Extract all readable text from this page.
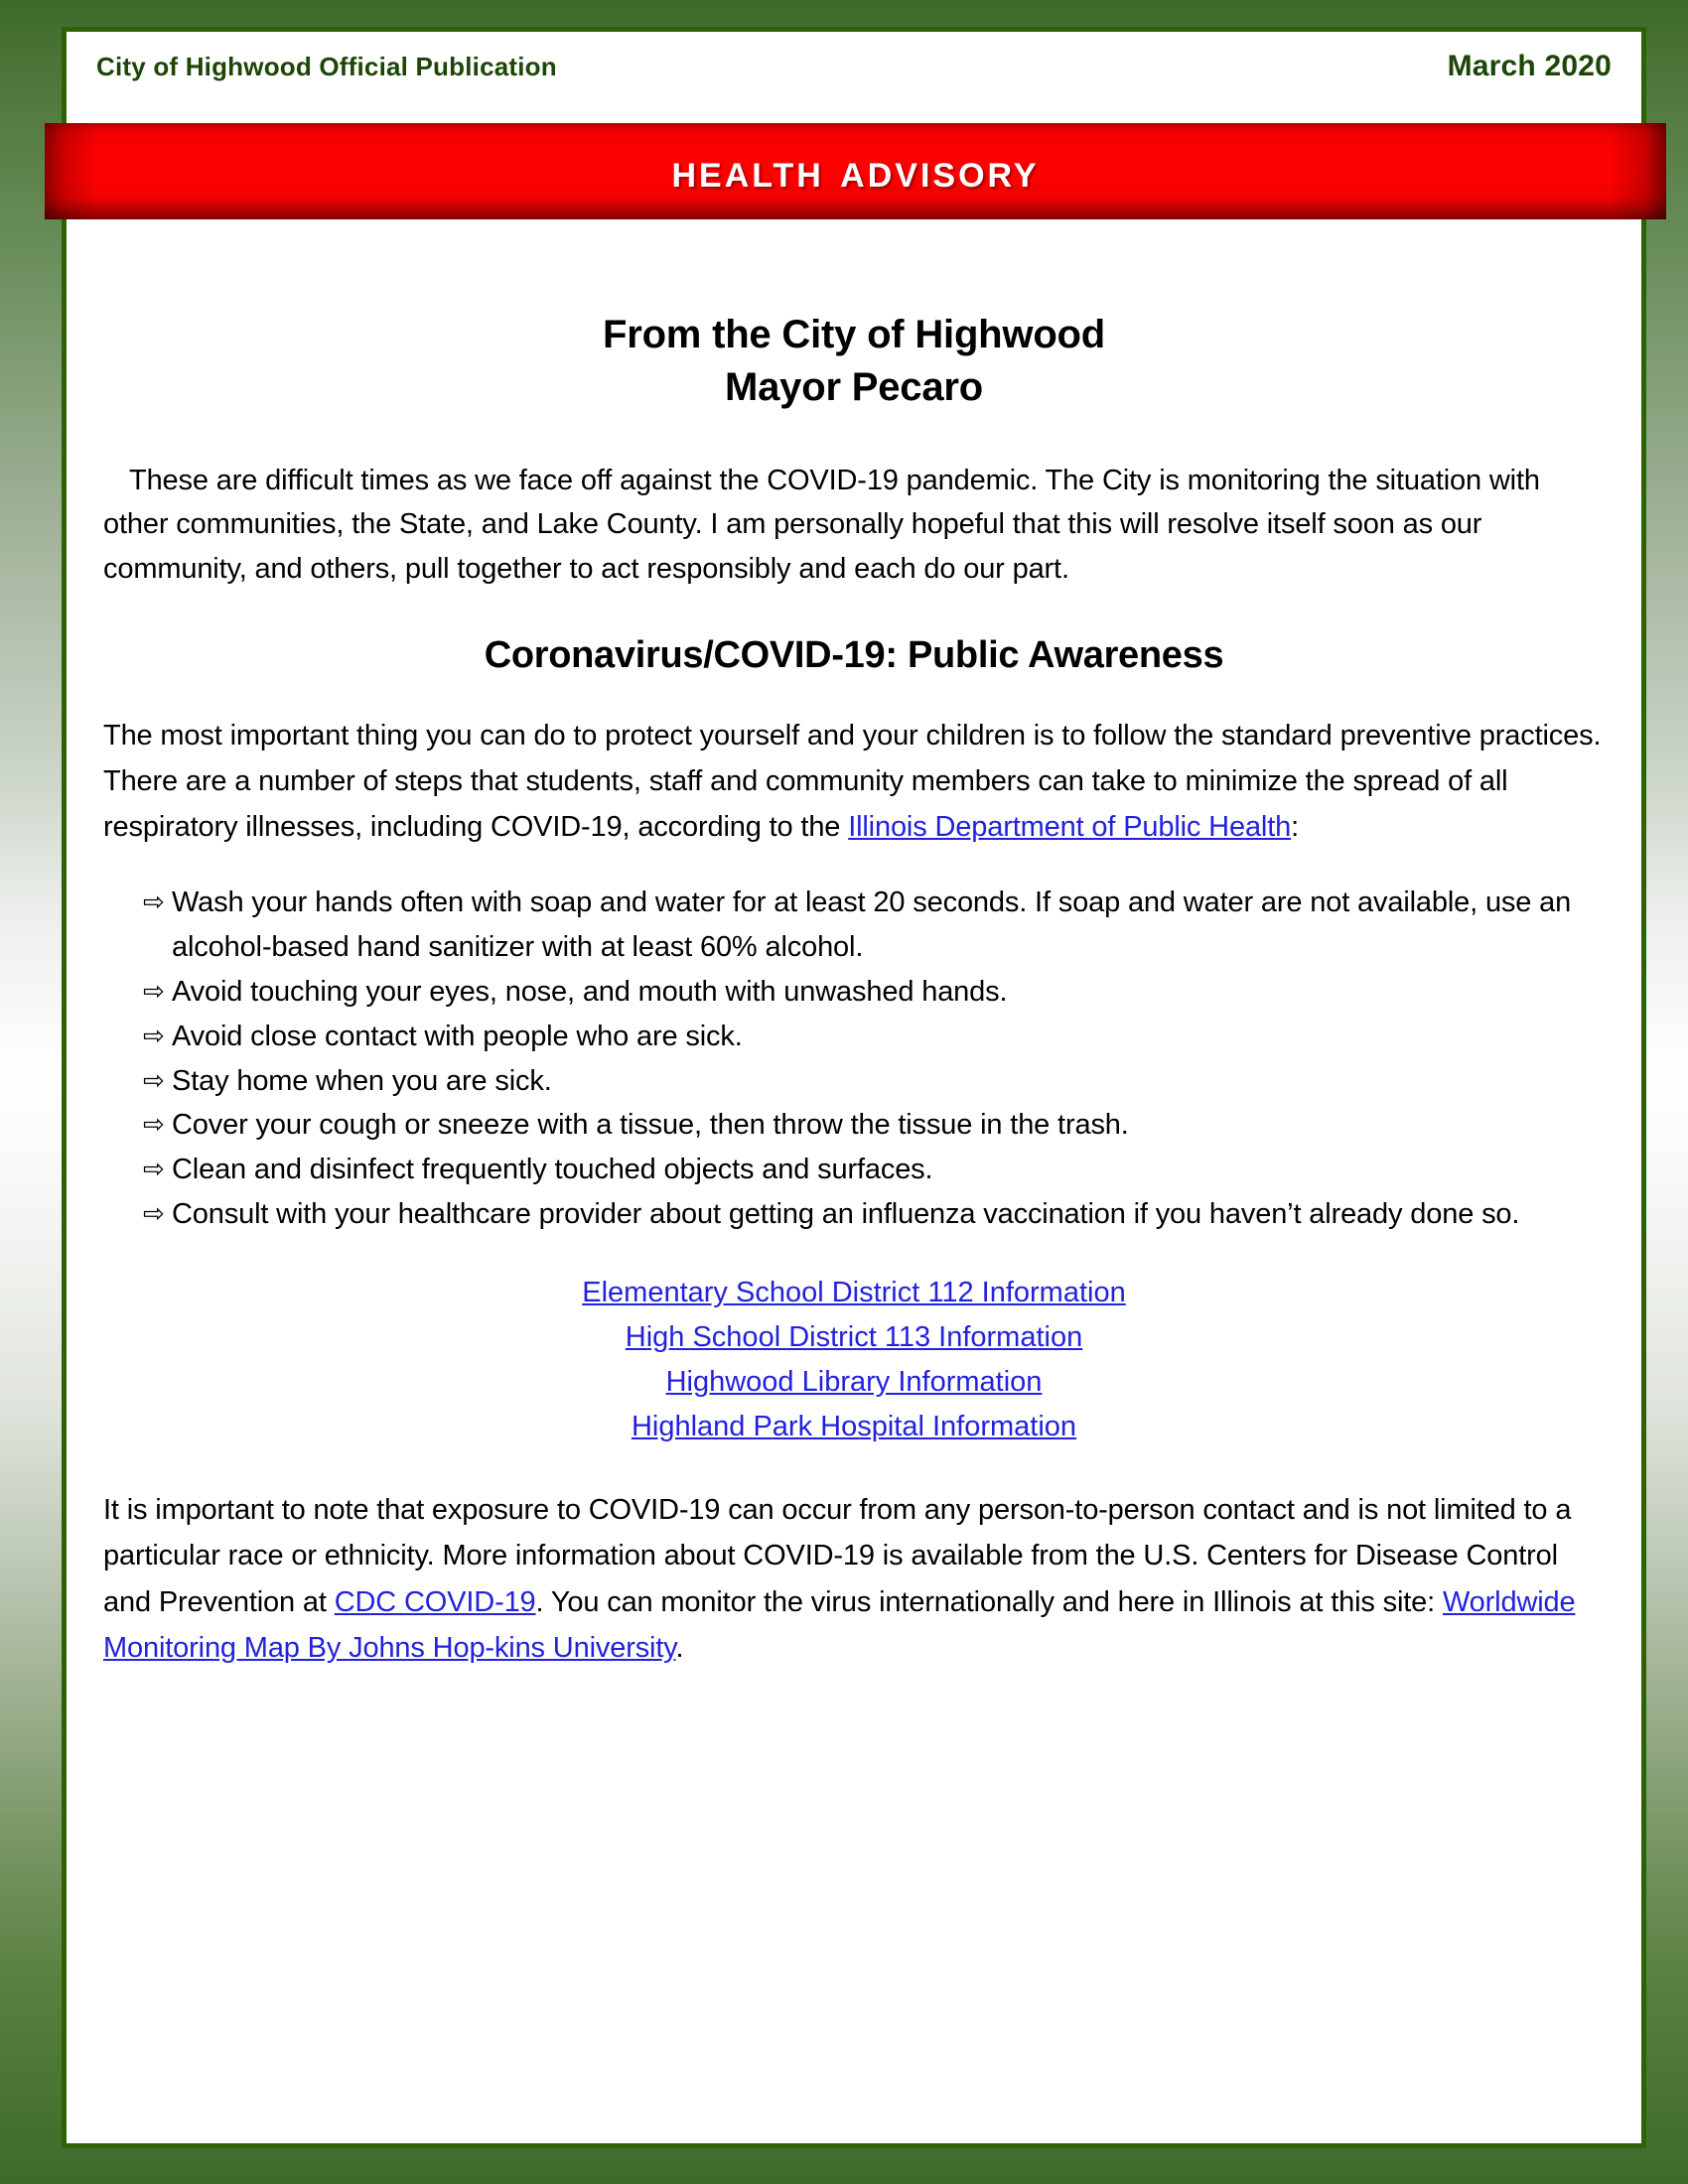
City of Highwood Official Publication	March 2020
health advisory
From the City of Highwood
Mayor Pecaro

These are difficult times as we face off against the COVID-19 pandemic. The City is monitoring the situation with other communities, the State, and Lake County. I am personally hopeful that this will resolve itself soon as our community, and others, pull together to act responsibly and each do our part.

Coronavirus/COVID-19: Public Awareness

The most important thing you can do to protect yourself and your children is to follow the standard preventive practices. There are a number of steps that students, staff and community members can take to minimize the spread of all respiratory illnesses, including COVID-19, according to the Illinois Department of Public Health:

⇨ Wash your hands often with soap and water for at least 20 seconds. If soap and water are not available, use an alcohol-based hand sanitizer with at least 60% alcohol.
⇨ Avoid touching your eyes, nose, and mouth with unwashed hands.
⇨ Avoid close contact with people who are sick.
⇨ Stay home when you are sick.
⇨ Cover your cough or sneeze with a tissue, then throw the tissue in the trash.
⇨ Clean and disinfect frequently touched objects and surfaces.
⇨ Consult with your healthcare provider about getting an influenza vaccination if you haven’t already done so.
Elementary School District 112 Information
High School District 113 Information
Highwood Library Information
Highland Park Hospital Information

It is important to note that exposure to COVID-19 can occur from any person-to-person contact and is not limited to a particular race or ethnicity. More information about COVID-19 is available from the U.S. Centers for Disease Control and Prevention at CDC COVID-19. You can monitor the virus internationally and here in Illinois at this site: Worldwide Monitoring Map By Johns Hop-kins University.
